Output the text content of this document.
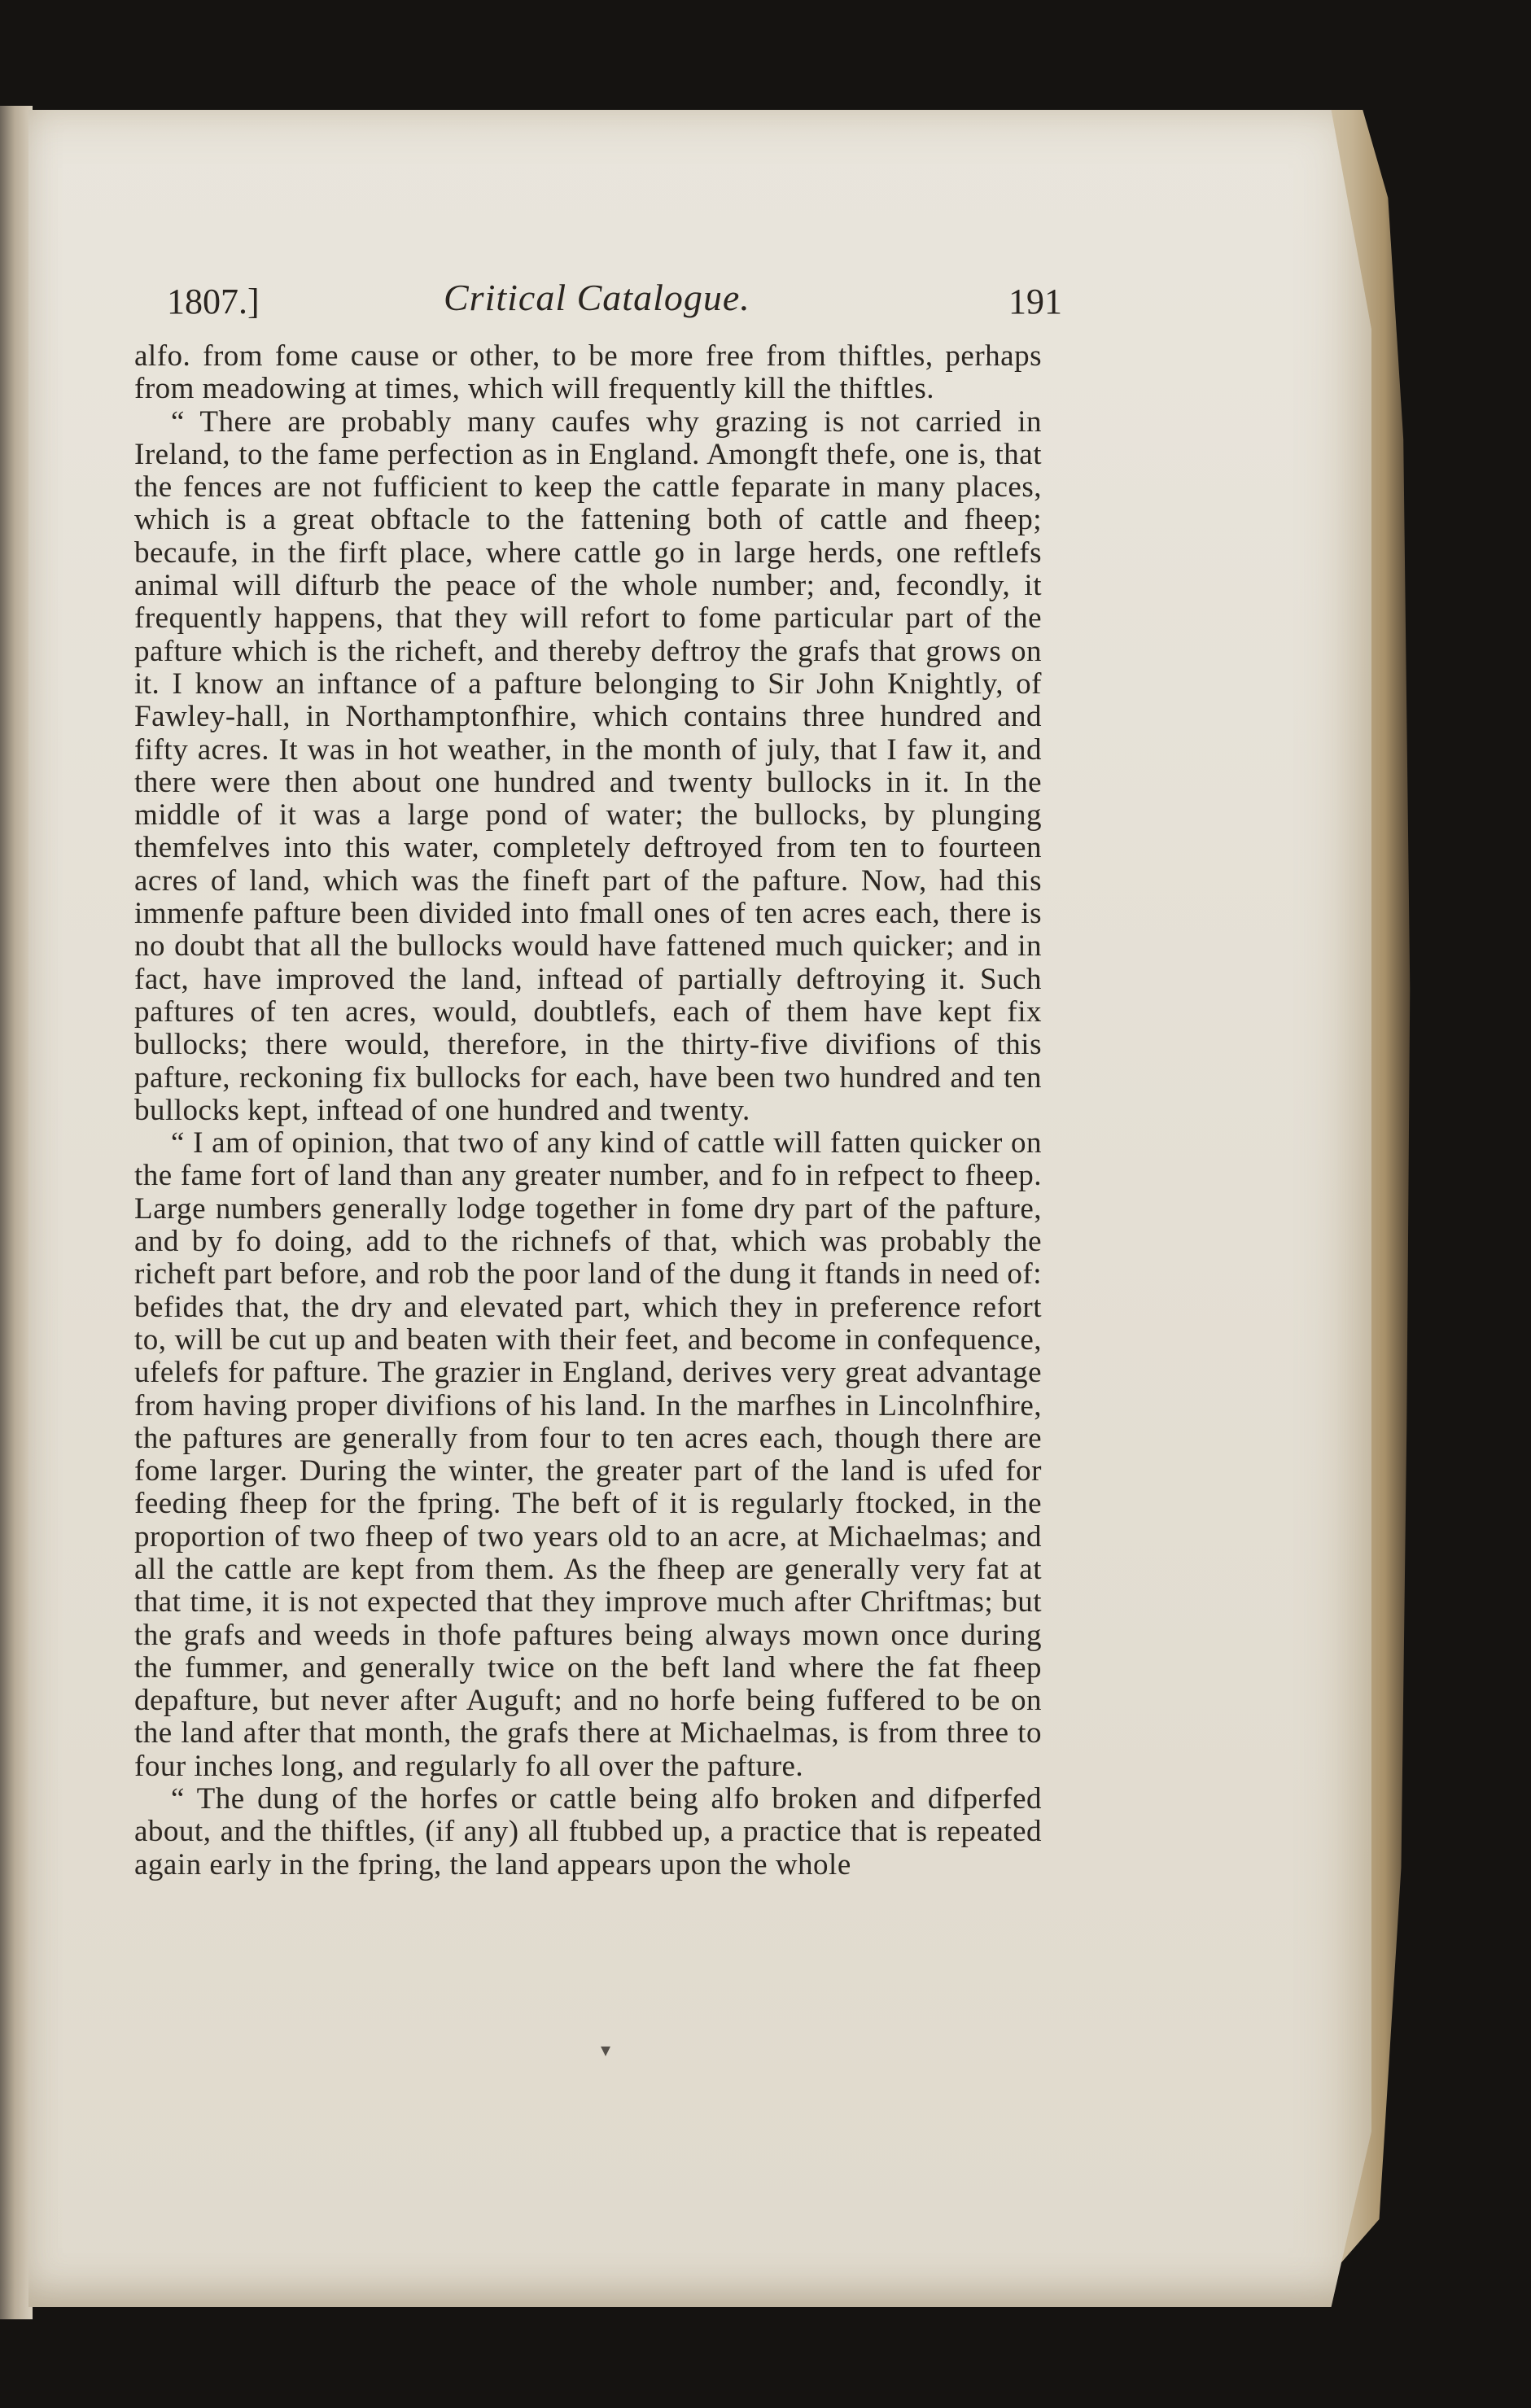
1807.]	Critical Catalogue.	191

alfo. from fome cause or other, to be more free from thiftles, perhaps from meadowing at times, which will frequently kill the thiftles.

“ There are probably many caufes why grazing is not carried in Ireland, to the fame perfection as in England. Amongft thefe, one is, that the fences are not fufficient to keep the cattle feparate in many places, which is a great obftacle to the fattening both of cattle and fheep; becaufe, in the firft place, where cattle go in large herds, one reftlefs animal will difturb the peace of the whole number; and, fecondly, it frequently happens, that they will refort to fome particular part of the pafture which is the richeft, and thereby deftroy the grafs that grows on it. I know an inftance of a pafture belonging to Sir John Knightly, of Fawley-hall, in Northamptonfhire, which contains three hundred and fifty acres. It was in hot weather, in the month of july, that I faw it, and there were then about one hundred and twenty bullocks in it. In the middle of it was a large pond of water; the bullocks, by plunging themfelves into this water, completely deftroyed from ten to fourteen acres of land, which was the fineft part of the pafture. Now, had this immenfe pafture been divided into fmall ones of ten acres each, there is no doubt that all the bullocks would have fattened much quicker; and in fact, have improved the land, inftead of partially deftroying it. Such paftures of ten acres, would, doubtlefs, each of them have kept fix bullocks; there would, therefore, in the thirty-five divifions of this pafture, reckoning fix bullocks for each, have been two hundred and ten bullocks kept, inftead of one hundred and twenty.

“ I am of opinion, that two of any kind of cattle will fatten quicker on the fame fort of land than any greater number, and fo in refpect to fheep. Large numbers generally lodge together in fome dry part of the pafture, and by fo doing, add to the richnefs of that, which was probably the richeft part before, and rob the poor land of the dung it ftands in need of: befides that, the dry and elevated part, which they in preference refort to, will be cut up and beaten with their feet, and become in confequence, ufelefs for pafture. The grazier in England, derives very great advantage from having proper divifions of his land. In the marfhes in Lincolnfhire, the paftures are generally from four to ten acres each, though there are fome larger. During the winter, the greater part of the land is ufed for feeding fheep for the fpring. The beft of it is regularly ftocked, in the proportion of two fheep of two years old to an acre, at Michaelmas; and all the cattle are kept from them. As the fheep are generally very fat at that time, it is not expected that they improve much after Chriftmas; but the grafs and weeds in thofe paftures being always mown once during the fummer, and generally twice on the beft land where the fat fheep depafture, but never after Auguft; and no horfe being fuffered to be on the land after that month, the grafs there at Michaelmas, is from three to four inches long, and regularly fo all over the pafture.

“ The dung of the horfes or cattle being alfo broken and difperfed about, and the thiftles, (if any) all ftubbed up, a practice that is repeated again early in the fpring, the land appears upon the whole

▾
